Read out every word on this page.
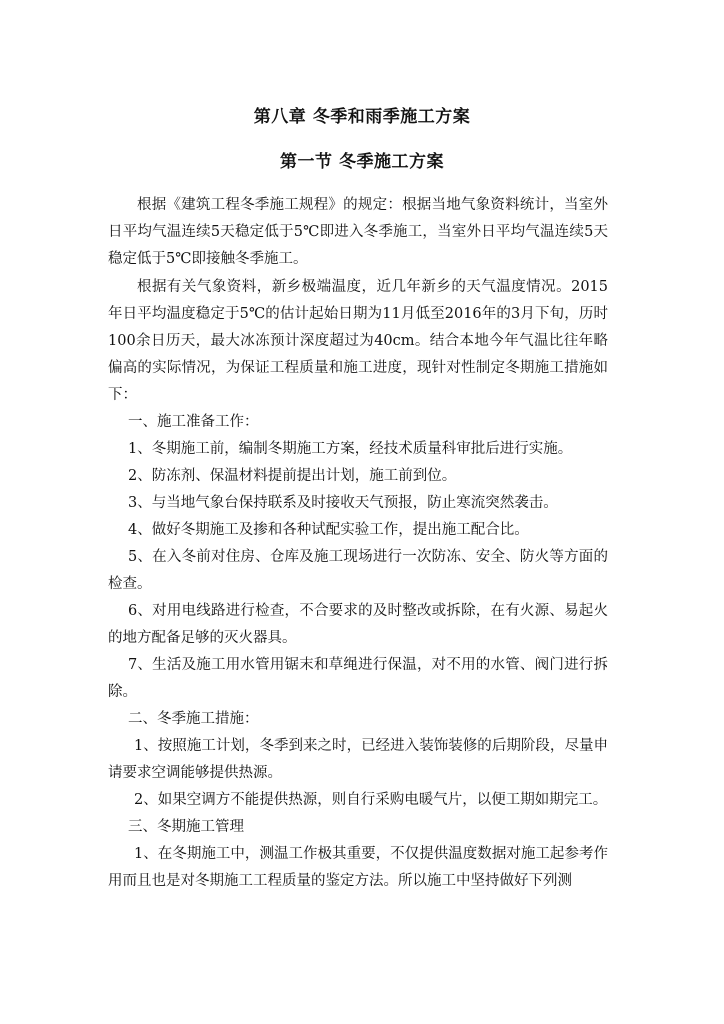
第八章 冬季和雨季施工方案
第一节 冬季施工方案

根据《建筑工程冬季施工规程》的规定：根据当地气象资料统计，当室外日平均气温连续5天稳定低于5℃即进入冬季施工，当室外日平均气温连续5天稳定低于5℃即接触冬季施工。

根据有关气象资料，新乡极端温度，近几年新乡的天气温度情况。2015年日平均温度稳定于5℃的估计起始日期为11月低至2016年的3月下旬，历时100余日历天，最大冰冻预计深度超过为40cm。结合本地今年气温比往年略偏高的实际情况，为保证工程质量和施工进度，现针对性制定冬期施工措施如下：

一、施工准备工作：

1、冬期施工前，编制冬期施工方案，经技术质量科审批后进行实施。

2、防冻剂、保温材料提前提出计划，施工前到位。

3、与当地气象台保持联系及时接收天气预报，防止寒流突然袭击。

4、做好冬期施工及掺和各种试配实验工作，提出施工配合比。

5、在入冬前对住房、仓库及施工现场进行一次防冻、安全、防火等方面的检查。

6、对用电线路进行检查，不合要求的及时整改或拆除，在有火源、易起火的地方配备足够的灭火器具。

7、生活及施工用水管用锯末和草绳进行保温，对不用的水管、阀门进行拆除。

二、冬季施工措施：

1、按照施工计划，冬季到来之时，已经进入装饰装修的后期阶段，尽量申请要求空调能够提供热源。

2、如果空调方不能提供热源，则自行采购电暖气片，以便工期如期完工。

三、冬期施工管理

1、在冬期施工中，测温工作极其重要，不仅提供温度数据对施工起参考作用而且也是对冬期施工工程质量的鉴定方法。所以施工中坚持做好下列测
